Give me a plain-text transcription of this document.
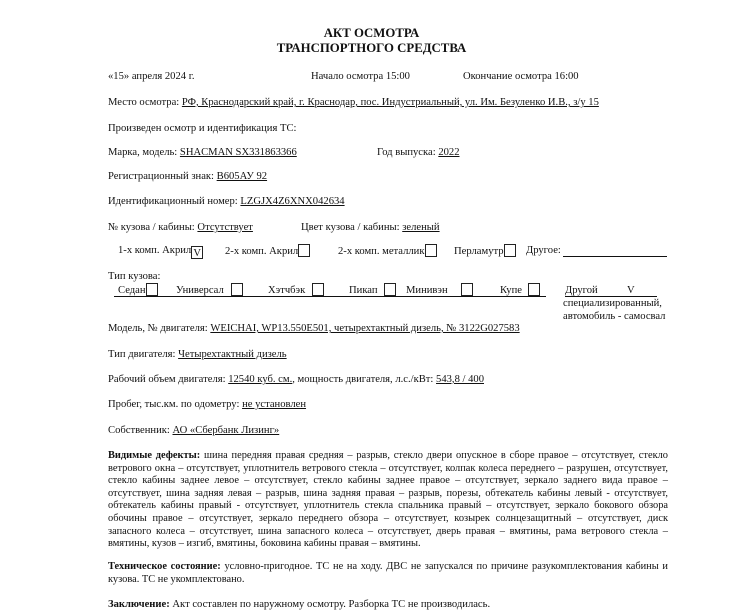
АКТ ОСМОТРА
ТРАНСПОРТНОГО СРЕДСТВА
«15» апреля 2024 г.	Начало осмотра 15:00	Окончание осмотра 16:00
Место осмотра: РФ, Краснодарский край, г. Краснодар, пос. Индустриальный, ул. Им. Безуленко И.В., з/у 15
Произведен осмотр и идентификация ТС:
Марка, модель: SHACMAN SX331863366	Год выпуска: 2022
Регистрационный знак: В605АУ 92
Идентификационный номер: LZGJX4Z6XNX042634
№ кузова / кабины: Отсутствует	Цвет кузова / кабины: зеленый
1-х комп. Акрил V 2-х комп. Акрил	2-х комп. металлик	Перламутр	Другое:
Тип кузова:
Седан	Универсал	Хэтчбэк	Пикап	Минивэн	Купе	Другой	V
специализированный,
автомобиль - самосвал
Модель, № двигателя: WEICHAI, WP13.550E501, четырехтактный дизель, № 3122G027583
Тип двигателя: Четырехтактный дизель
Рабочий объем двигателя: 12540 куб. см., мощность двигателя, л.с./кВт: 543,8 / 400
Пробег, тыс.км. по одометру: не установлен
Собственник: АО «Сбербанк Лизинг»
Видимые дефекты: шина передняя правая средняя – разрыв, стекло двери опускное в сборе правое – отсутствует, стекло ветрового окна – отсутствует, уплотнитель ветрового стекла – отсутствует, колпак колеса переднего – разрушен, отсутствует, стекло кабины заднее левое – отсутствует, стекло кабины заднее правое – отсутствует, зеркало заднего вида правое – отсутствует, шина задняя левая – разрыв, шина задняя правая – разрыв, порезы, обтекатель кабины левый - отсутствует, обтекатель кабины правый - отсутствует, уплотнитель стекла спальника правый – отсутствует, зеркало бокового обзора обочины правое – отсутствует, зеркало переднего обзора – отсутствует, козырек солнцезащитный – отсутствует, диск запасного колеса – отсутствует, шина запасного колеса – отсутствует, дверь правая – вмятины, рама ветрового стекла – вмятины, кузов – изгиб, вмятины, боковина кабины правая – вмятины.
Техническое состояние: условно-пригодное. ТС не на ходу. ДВС не запускался по причине разукомплектования кабины и кузова. ТС не укомплектовано.
Заключение: Акт составлен по наружному осмотру. Разборка ТС не производилась.
